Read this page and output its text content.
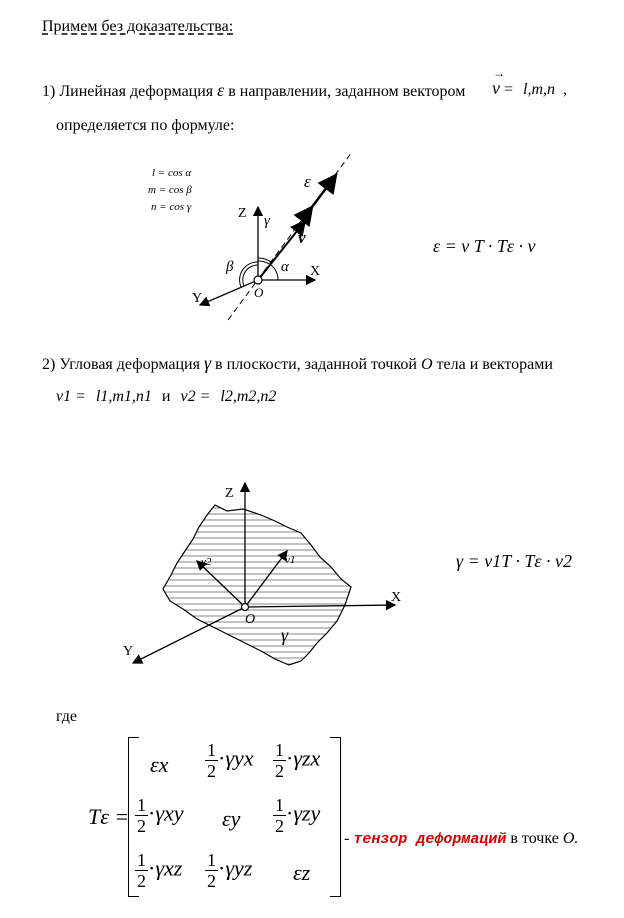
Примем без доказательства:
1) Линейная деформация ε в направлении, заданном вектором
→
ν = l,m,n ,
определяется по формуле:
l = cos α
m = cos β
n = cos γ	Z
X
Y	O
α
β
γ
ν
ε
ε = ν T · Tε · ν
2) Угловая деформация γ в плоскости, заданной точкой O тела и векторами
ν1 = l1,m1,n1 и ν2 = l2,m2,n2
Z
X
Y
O
γ
ν1
ν2	γ = ν1T · Tε · ν2
где
Tε =
εx $\frac{1}{2} \cdot\gamma yx \frac{1}{2} \cdot\gamma zx$
$\frac{1}{2} \cdot\gamma xy$ εy $\frac{1}{2} \cdot\gamma zy$
$\frac{1}{2} \cdot\gamma xz \frac{1}{2} \cdot\gamma yz$ εz
- тензор деформаций в точке O.
